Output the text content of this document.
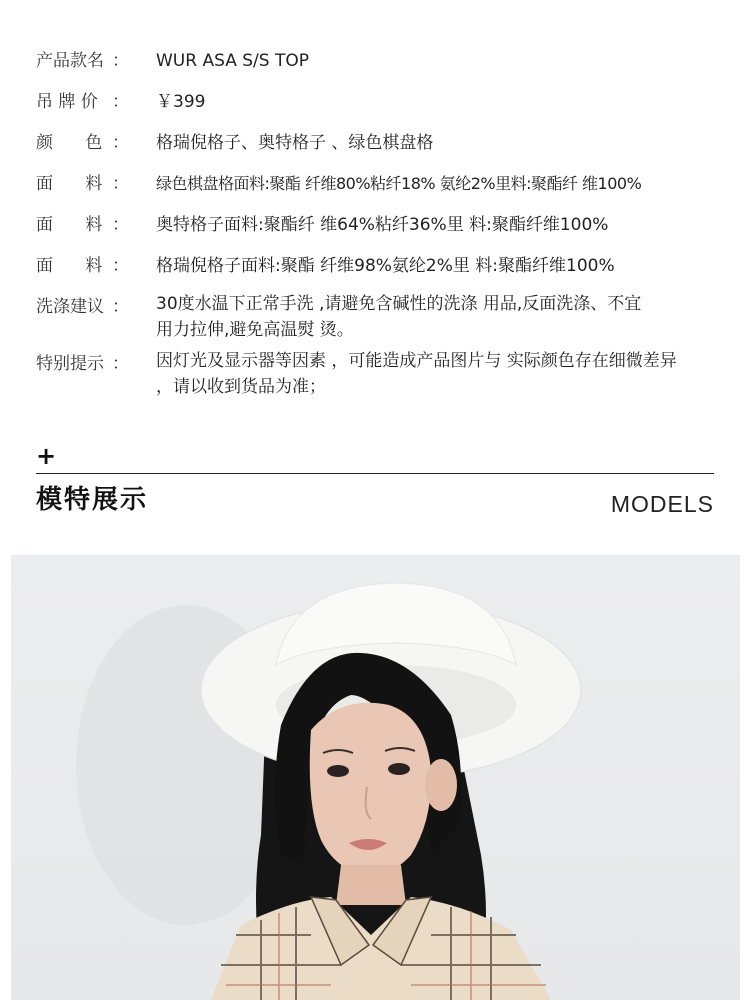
产品款名 ： WUR ASA S/S TOP
吊 牌 价 ： ￥399
颜      色 ： 格瑞倪格子、奥特格子 、绿色棋盘格
面      料 ： 绿色棋盘格面料:聚酯 纤维80%粘纤18% 氨纶2%里料:聚酯纤 维100%
面      料 ： 奥特格子面料:聚酯纤 维64%粘纤36%里 料:聚酯纤维100%
面      料 ： 格瑞倪格子面料:聚酯 纤维98%氨纶2%里 料:聚酯纤维100%
洗涤建议 ： 30度水温下正常手洗 ,请避免含碱性的洗涤 用品,反面洗涤、不宜
用力拉伸,避免高温熨 烫。
特别提示 ： 因灯光及显示器等因素 ，可能造成产品图片与 实际颜色存在细微差异
，请以收到货品为准；
+
模特展示	MODELS
